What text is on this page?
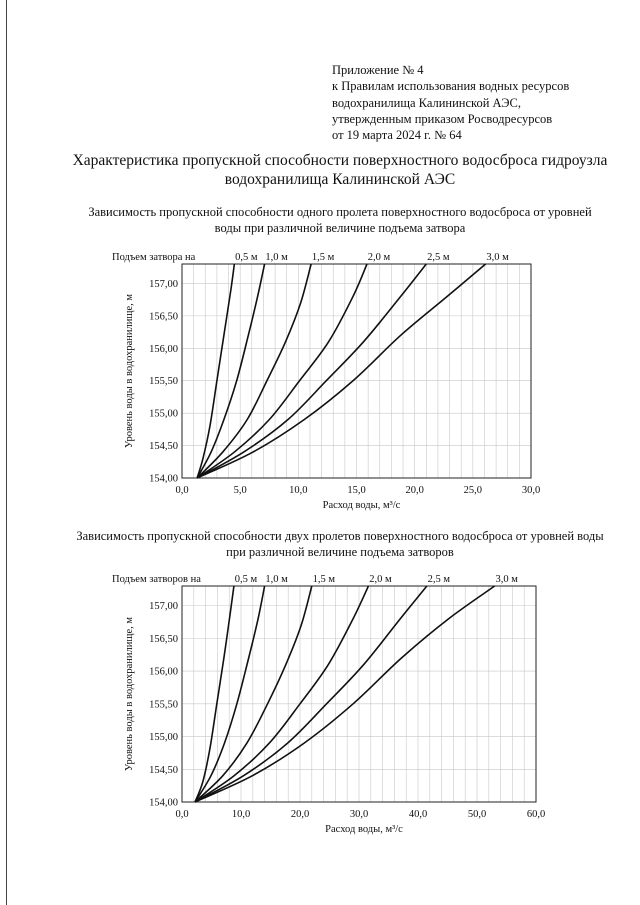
Приложение № 4
к Правилам использования водных ресурсов
водохранилища Калининской АЭС,
утвержденным приказом Росводресурсов
от 19 марта 2024 г. № 64
Характеристика пропускной способности поверхностного водосброса гидроузла
водохранилища Калининской АЭС
Зависимость пропускной способности одного пролета поверхностного водосброса от уровней
воды при различной величине подъема затвора
0,0	5,0	10,0	15,0	20,0	25,0	30,0
154,00
154,50
155,00
155,50
156,00
156,50
157,00
Расход воды, м³/с
Уровень воды в водохранилище, м
Подъем затвора на	0,5 м 1,0 м 1,5 м	2,0 м	2,5 м	3,0 м
Зависимость пропускной способности двух пролетов поверхностного водосброса от уровней воды
при различной величине подъема затворов
0,0	10,0	20,0	30,0	40,0	50,0	60,0
154,00
154,50
155,00
155,50
156,00
156,50
157,00
Расход воды, м³/с
Уровень воды в водохранилище, м
Подъем затворов на	0,5 м 1,0 м 1,5 м	2,0 м	2,5 м	3,0 м
